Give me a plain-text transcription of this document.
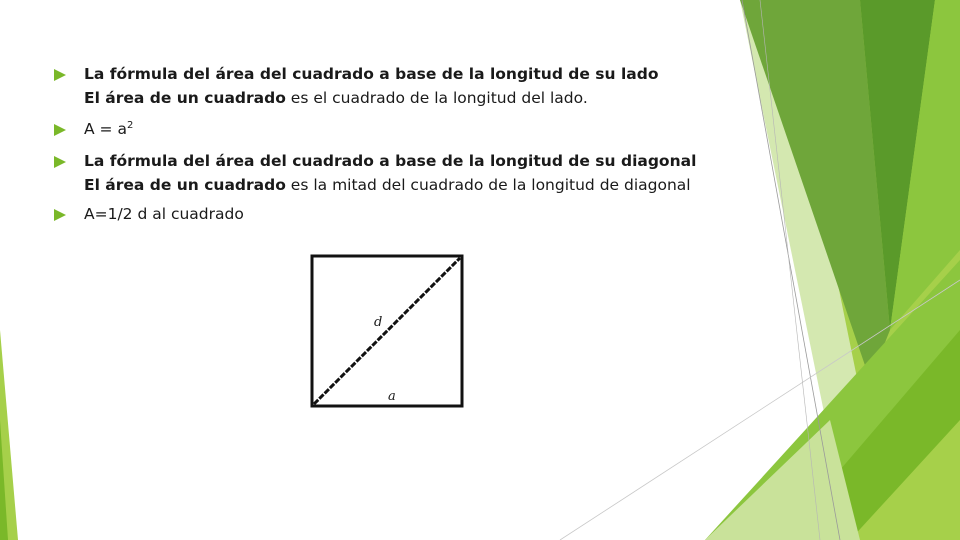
La fórmula del área del cuadrado a base de la longitud de su lado
El área de un cuadrado es el cuadrado de la longitud del lado.
$A = a^2$
La fórmula del área del cuadrado a base de la longitud de su diagonal
El área de un cuadrado es la mitad del cuadrado de la longitud de diagonal
A=1/2 d al cuadrado
d
a
